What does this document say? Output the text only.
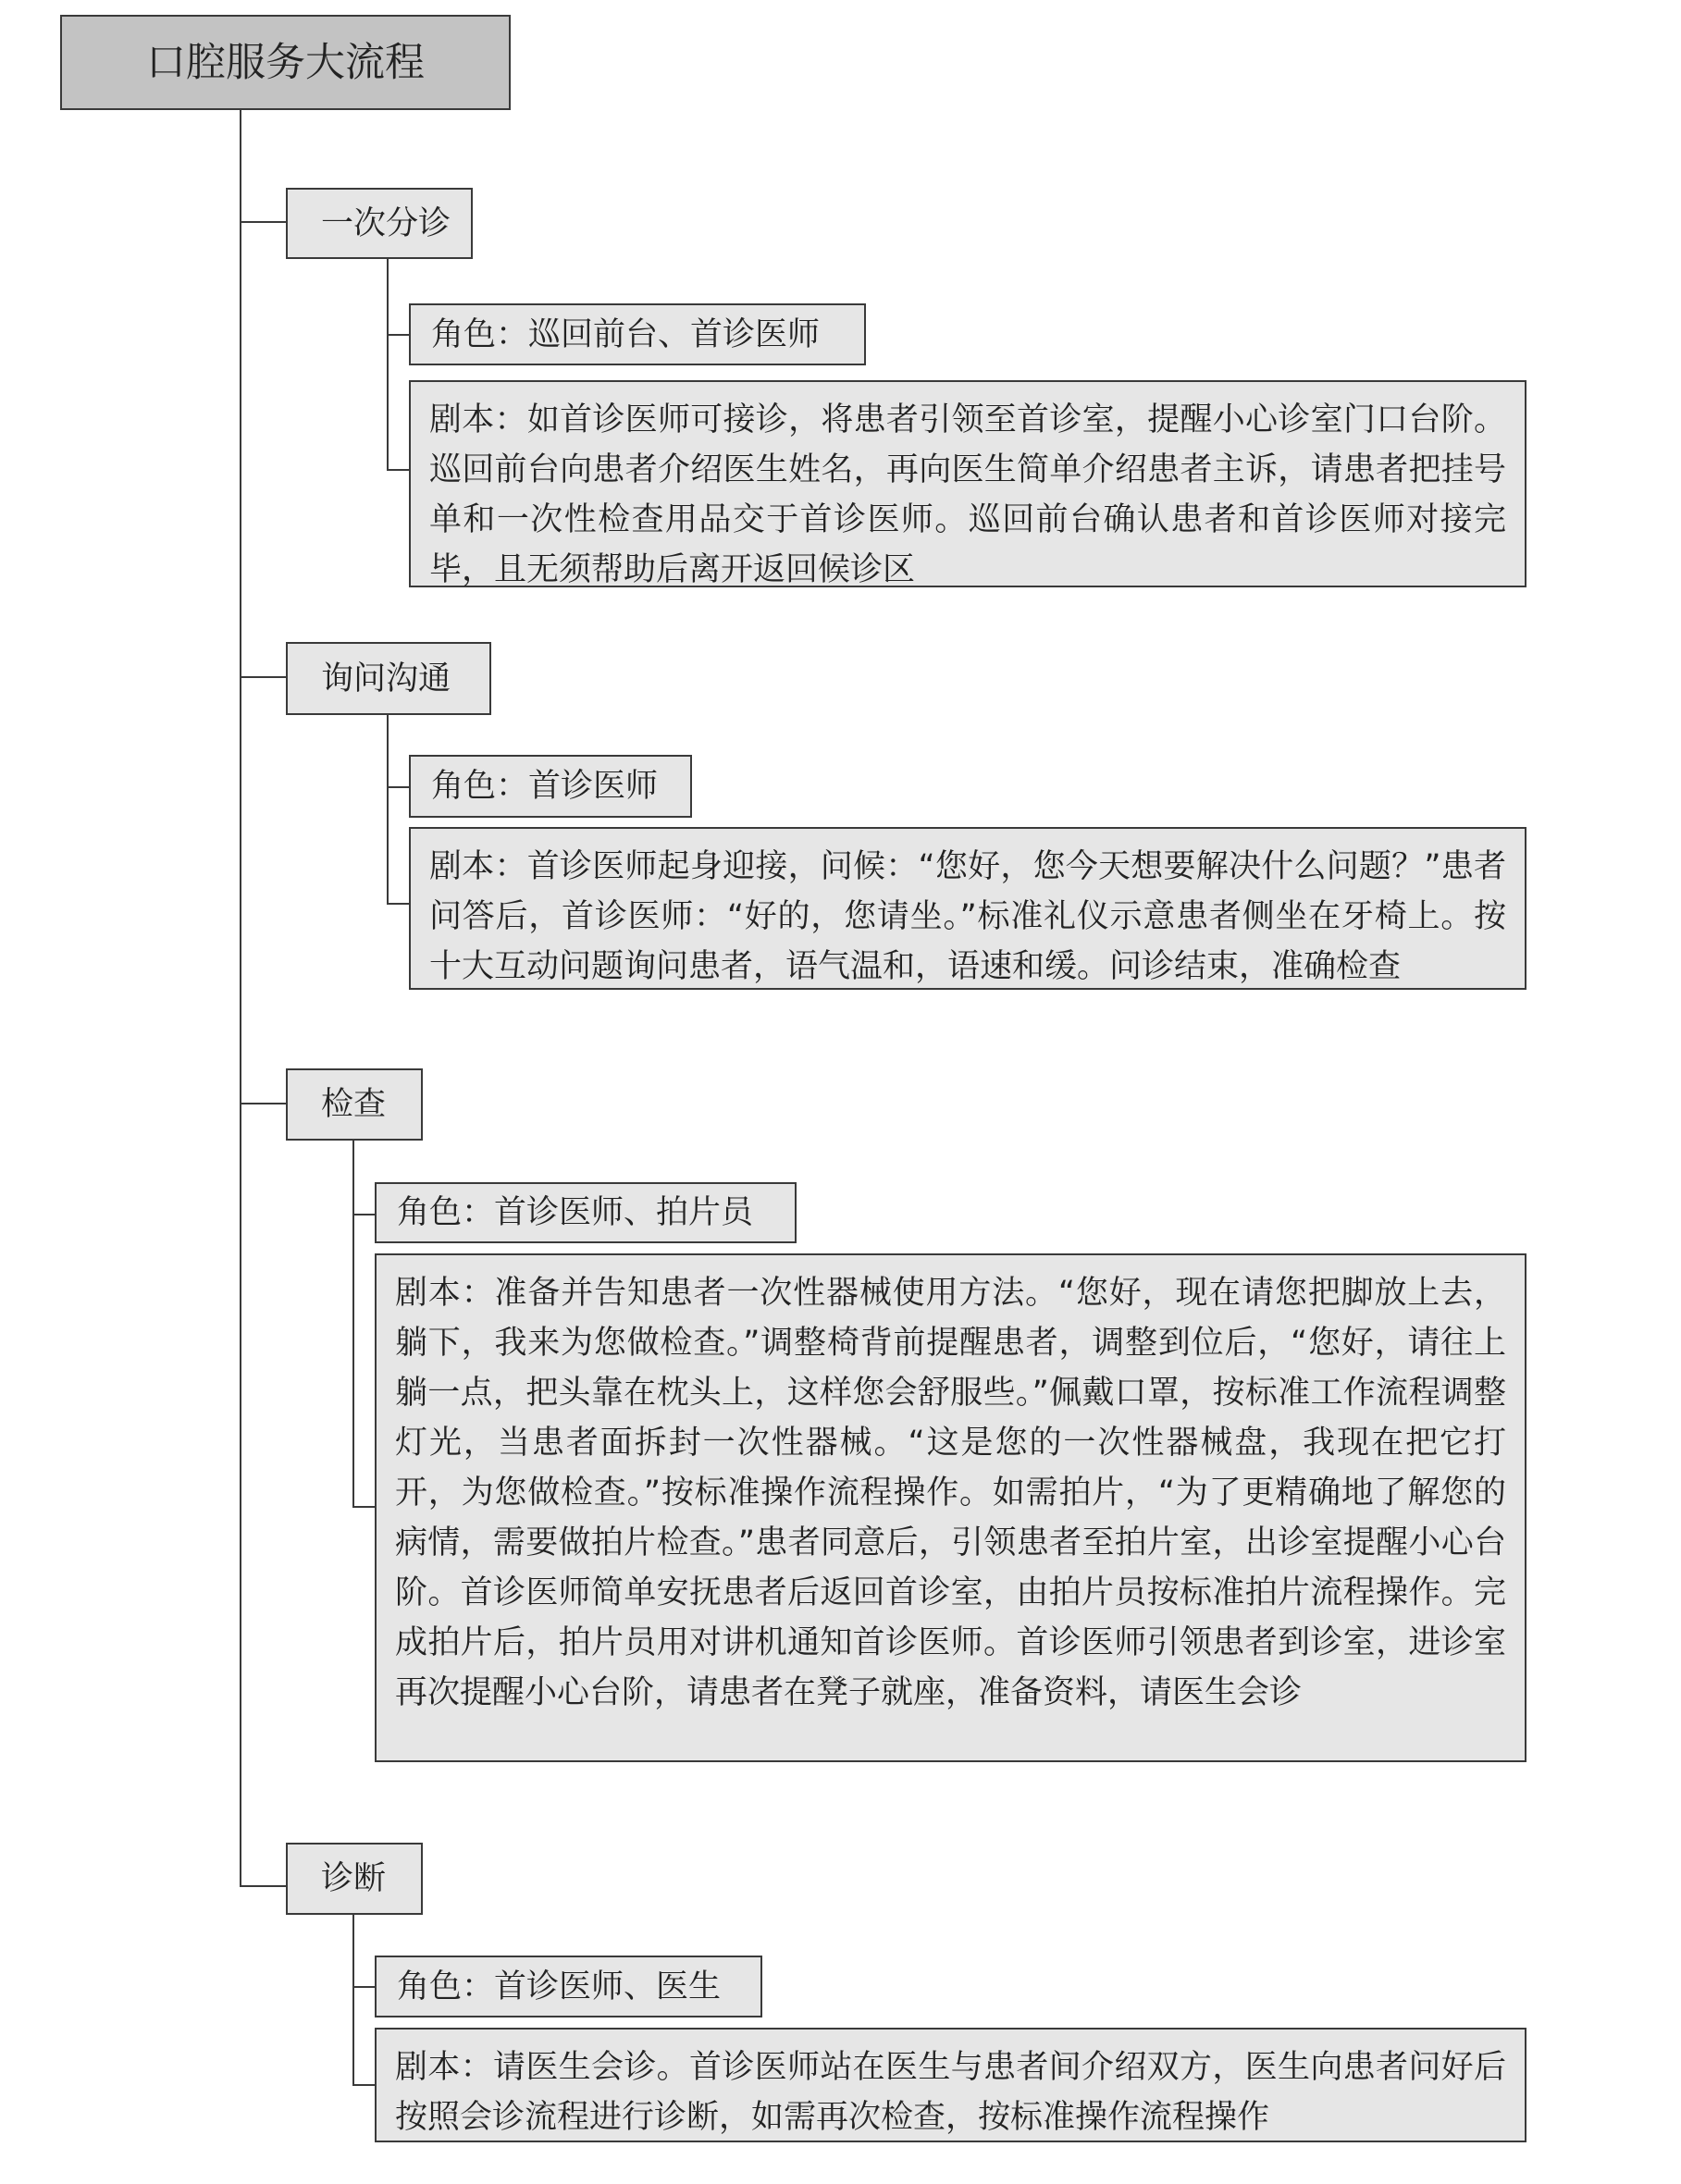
口腔服务大流程
一次分诊
角色：巡回前台、首诊医师
剧本：如首诊医师可接诊，将患者引领至首诊室，提醒小心诊室门口台阶。巡回前台向患者介绍医生姓名，再向医生简单介绍患者主诉，请患者把挂号单和一次性检查用品交于首诊医师。巡回前台确认患者和首诊医师对接完毕，且无须帮助后离开返回候诊区
询问沟通
角色：首诊医师
剧本：首诊医师起身迎接，问候：“您好，您今天想要解决什么问题？”患者问答后，首诊医师：“好的，您请坐。”标准礼仪示意患者侧坐在牙椅上。按十大互动问题询问患者，语气温和，语速和缓。问诊结束，准确检查
检查
角色：首诊医师、拍片员
剧本：准备并告知患者一次性器械使用方法。“您好，现在请您把脚放上去，躺下，我来为您做检查。”调整椅背前提醒患者，调整到位后，“您好，请往上躺一点，把头靠在枕头上，这样您会舒服些。”佩戴口罩，按标准工作流程调整灯光，当患者面拆封一次性器械。“这是您的一次性器械盘，我现在把它打开，为您做检查。”按标准操作流程操作。如需拍片，“为了更精确地了解您的病情，需要做拍片检查。”患者同意后，引领患者至拍片室，出诊室提醒小心台阶。首诊医师简单安抚患者后返回首诊室，由拍片员按标准拍片流程操作。完成拍片后，拍片员用对讲机通知首诊医师。首诊医师引领患者到诊室，进诊室再次提醒小心台阶，请患者在凳子就座，准备资料，请医生会诊
诊断
角色：首诊医师、医生
剧本：请医生会诊。首诊医师站在医生与患者间介绍双方，医生向患者问好后按照会诊流程进行诊断，如需再次检查，按标准操作流程操作
